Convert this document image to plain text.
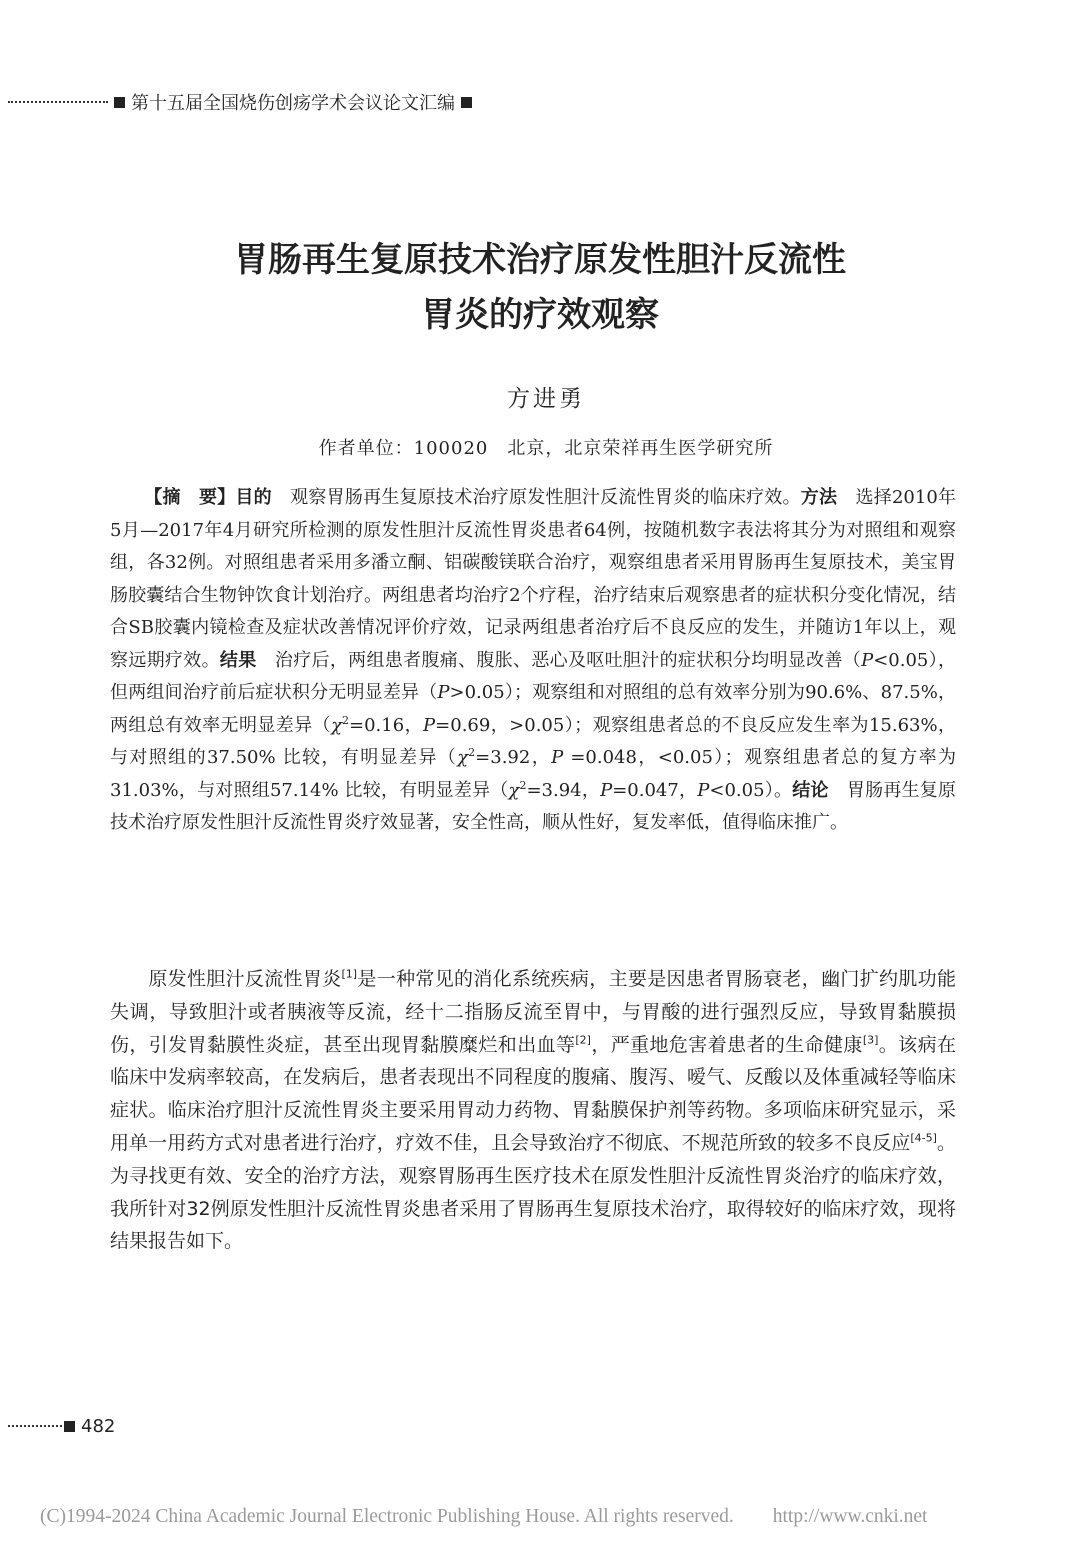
第十五届全国烧伤创疡学术会议论文汇编
胃肠再生复原技术治疗原发性胆汁反流性
胃炎的疗效观察
方进勇
作者单位：100020　北京，北京荣祥再生医学研究所
【摘　要】目的　观察胃肠再生复原技术治疗原发性胆汁反流性胃炎的临床疗效。方法　选择2010年5月—2017年4月研究所检测的原发性胆汁反流性胃炎患者64例，按随机数字表法将其分为对照组和观察组，各32例。对照组患者采用多潘立酮、铝碳酸镁联合治疗，观察组患者采用胃肠再生复原技术，美宝胃肠胶囊结合生物钟饮食计划治疗。两组患者均治疗2个疗程，治疗结束后观察患者的症状积分变化情况，结合SB胶囊内镜检查及症状改善情况评价疗效，记录两组患者治疗后不良反应的发生，并随访1年以上，观察远期疗效。结果　治疗后，两组患者腹痛、腹胀、恶心及呕吐胆汁的症状积分均明显改善（P<0.05），但两组间治疗前后症状积分无明显差异（P>0.05）；观察组和对照组的总有效率分别为90.6%、87.5%，两组总有效率无明显差异（$\chi^2=0.16$，P=0.69，>0.05）；观察组患者总的不良反应发生率为15.63%，与对照组的37.50% 比较，有明显差异（$\chi^2=3.92$，P =0.048，<0.05）；观察组患者总的复方率为31.03%，与对照组57.14% 比较，有明显差异（$\chi^2=3.94$，P=0.047，P<0.05）。结论　胃肠再生复原技术治疗原发性胆汁反流性胃炎疗效显著，安全性高，顺从性好，复发率低，值得临床推广。
原发性胆汁反流性胃炎[1]是一种常见的消化系统疾病，主要是因患者胃肠衰老，幽门扩约肌功能失调，导致胆汁或者胰液等反流，经十二指肠反流至胃中，与胃酸的进行强烈反应，导致胃黏膜损伤，引发胃黏膜性炎症，甚至出现胃黏膜糜烂和出血等[2]，严重地危害着患者的生命健康[3]。该病在临床中发病率较高，在发病后，患者表现出不同程度的腹痛、腹泻、嗳气、反酸以及体重减轻等临床症状。临床治疗胆汁反流性胃炎主要采用胃动力药物、胃黏膜保护剂等药物。多项临床研究显示，采用单一用药方式对患者进行治疗，疗效不佳，且会导致治疗不彻底、不规范所致的较多不良反应[4-5]。为寻找更有效、安全的治疗方法，观察胃肠再生医疗技术在原发性胆汁反流性胃炎治疗的临床疗效，我所针对32例原发性胆汁反流性胃炎患者采用了胃肠再生复原技术治疗，取得较好的临床疗效，现将结果报告如下。
482
(C)1994-2024 China Academic Journal Electronic Publishing House. All rights reserved.　　http://www.cnki.net
